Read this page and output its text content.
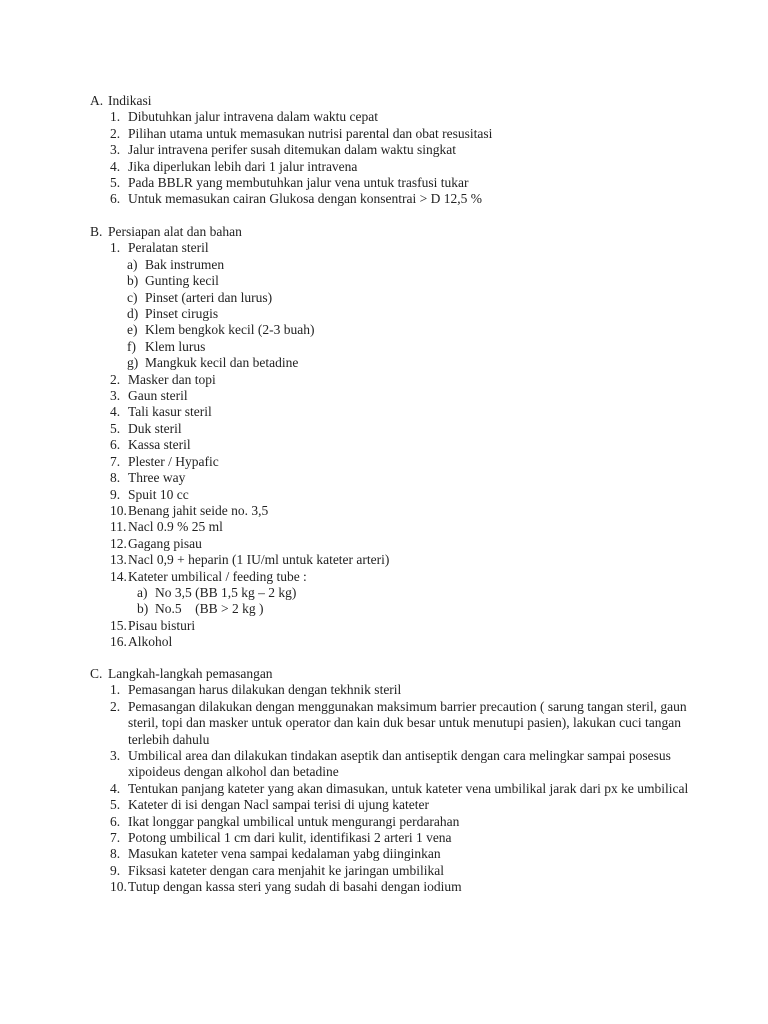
A. Indikasi
1. Dibutuhkan jalur intravena dalam waktu cepat
2. Pilihan utama untuk memasukan nutrisi parental dan obat resusitasi
3. Jalur intravena perifer susah ditemukan dalam waktu singkat
4. Jika diperlukan lebih dari 1 jalur intravena
5. Pada BBLR yang membutuhkan jalur vena untuk trasfusi tukar
6. Untuk memasukan cairan Glukosa dengan konsentrai > D 12,5 %
B. Persiapan alat dan bahan
1. Peralatan steril
a) Bak instrumen
b) Gunting kecil
c) Pinset (arteri dan lurus)
d) Pinset cirugis
e) Klem bengkok kecil (2-3 buah)
f) Klem lurus
g) Mangkuk kecil dan betadine
2. Masker dan topi
3. Gaun steril
4. Tali kasur steril
5. Duk steril
6. Kassa steril
7. Plester / Hypafic
8. Three way
9. Spuit 10 cc
10. Benang jahit seide no. 3,5
11. Nacl 0.9 % 25 ml
12. Gagang pisau
13. Nacl 0,9 + heparin (1 IU/ml untuk kateter arteri)
14. Kateter umbilical / feeding tube :
a) No 3,5 (BB 1,5 kg – 2 kg)
b) No.5    (BB > 2 kg )
15. Pisau bisturi
16. Alkohol
C. Langkah-langkah pemasangan
1. Pemasangan harus dilakukan dengan tekhnik steril
2. Pemasangan dilakukan dengan menggunakan maksimum barrier precaution ( sarung tangan steril, gaun steril, topi dan masker untuk operator dan kain duk besar untuk menutupi pasien), lakukan cuci tangan terlebih dahulu
3. Umbilical area dan dilakukan tindakan aseptik dan antiseptik dengan cara melingkar sampai posesus xipoideus dengan alkohol dan betadine
4. Tentukan panjang kateter yang akan dimasukan, untuk kateter vena umbilikal jarak dari px ke umbilical
5. Kateter di isi dengan Nacl sampai terisi di ujung kateter
6. Ikat longgar pangkal umbilical untuk mengurangi perdarahan
7. Potong umbilical 1 cm dari kulit, identifikasi 2 arteri 1 vena
8. Masukan kateter vena sampai kedalaman yabg diinginkan
9. Fiksasi kateter dengan cara menjahit ke jaringan umbilikal
10. Tutup dengan kassa steri yang sudah di basahi dengan iodium
